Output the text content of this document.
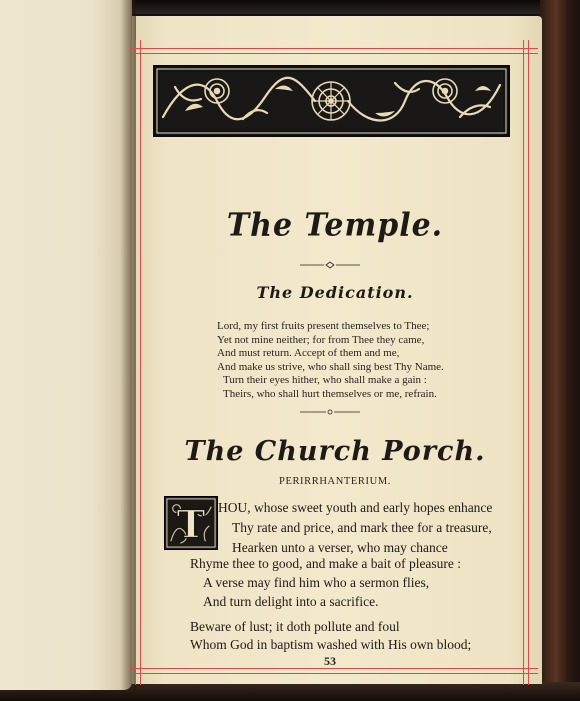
The Temple.
The Dedication.
Lord, my first fruits present themselves to Thee;
Yet not mine neither; for from Thee they came,
And must return. Accept of them and me,
And make us strive, who shall sing best Thy Name.
Turn their eyes hither, who shall make a gain :
Theirs, who shall hurt themselves or me, refrain.
The Church Porch.
PERIRRHANTERIUM.
T HOU, whose sweet youth and early hopes enhance
Thy rate and price, and mark thee for a treasure,
Hearken unto a verser, who may chance
Rhyme thee to good, and make a bait of pleasure :
A verse may find him who a sermon flies,
And turn delight into a sacrifice.
Beware of lust; it doth pollute and foul
Whom God in baptism washed with His own blood;
53
